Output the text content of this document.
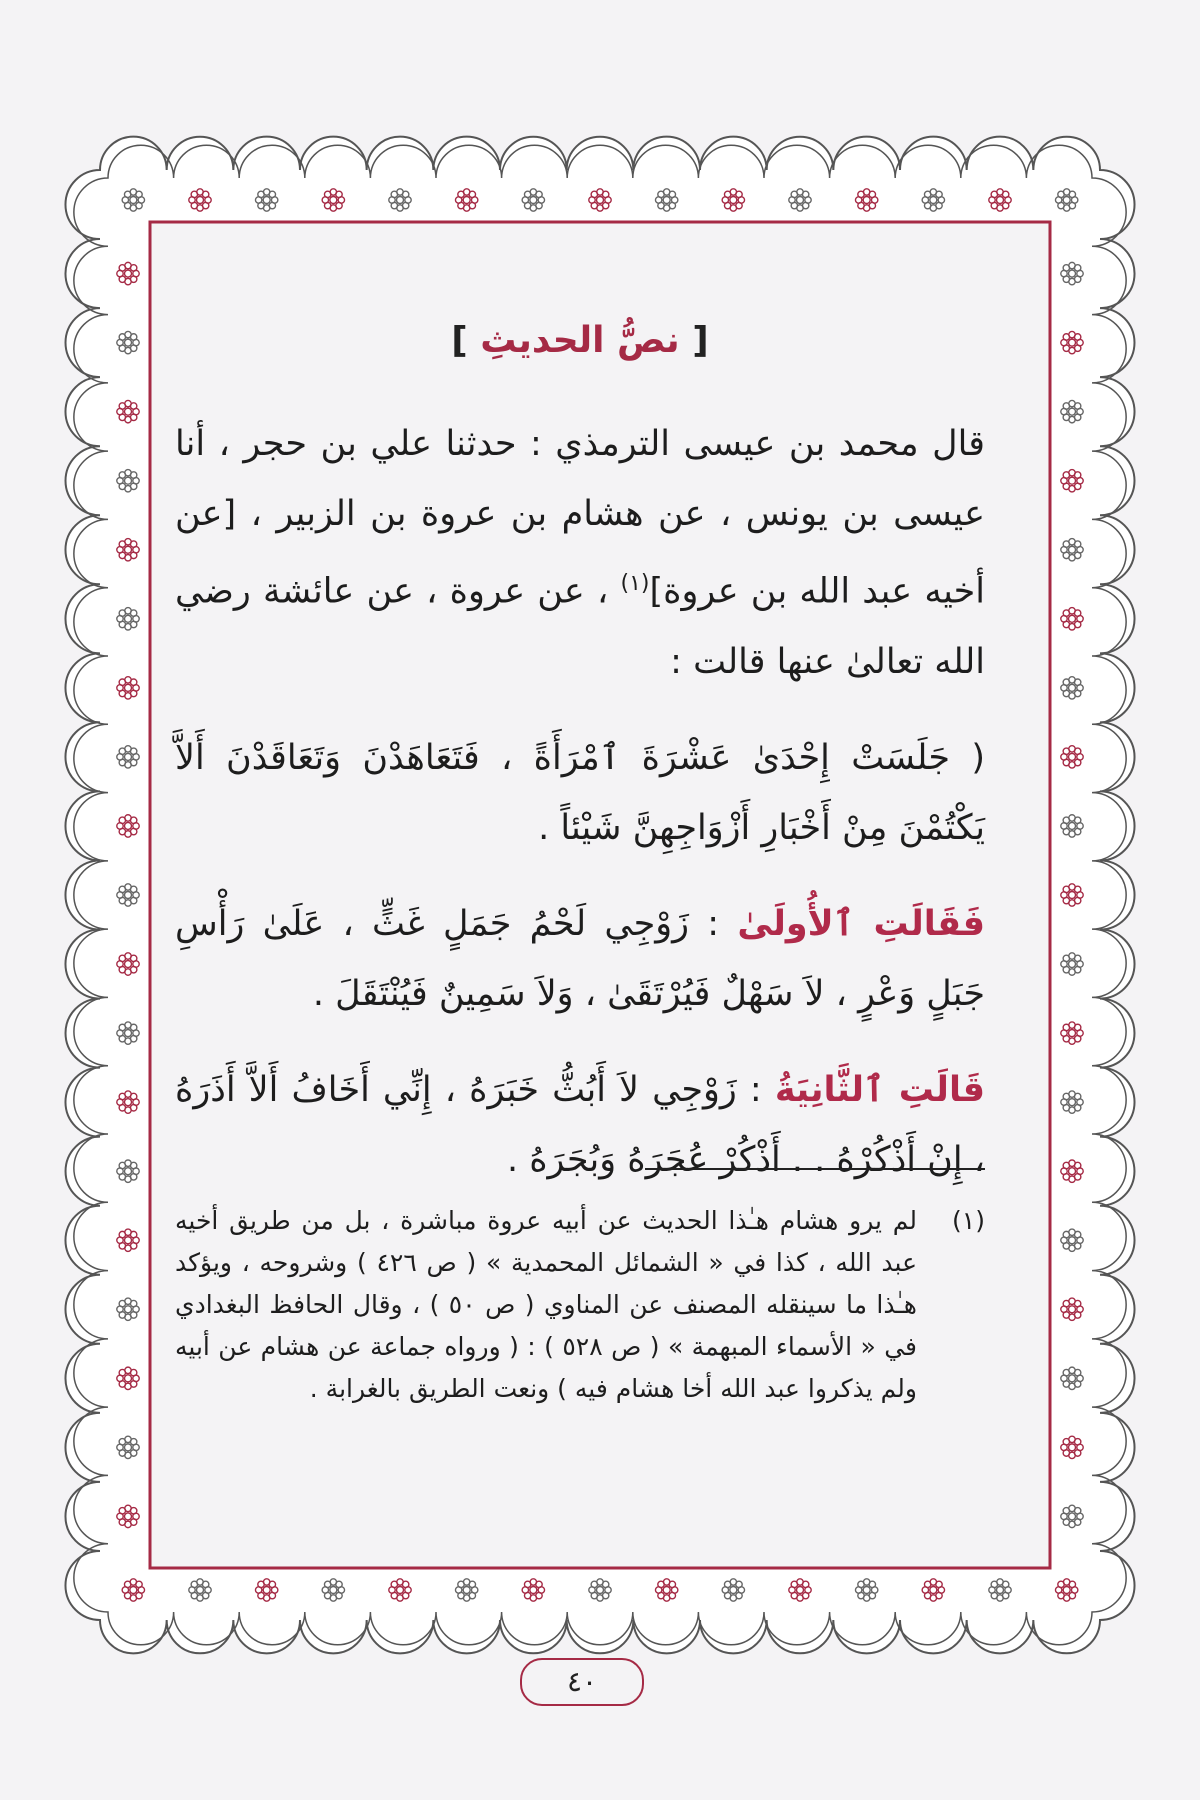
[ نصُّ الحديثِ ]

قال محمد بن عيسى الترمذي : حدثنا علي بن حجر ، أنا عيسى بن يونس ، عن هشام بن عروة بن الزبير ، [عن أخيه عبد الله بن عروة]$^{(١)}$ ، عن عروة ، عن عائشة رضي الله تعالىٰ عنها قالت :

( جَلَسَتْ إِحْدَىٰ عَشْرَةَ ٱمْرَأَةً ، فَتَعَاهَدْنَ وَتَعَاقَدْنَ أَلاَّ يَكْتُمْنَ مِنْ أَخْبَارِ أَزْوَاجِهِنَّ شَيْئاً .

فَقَالَتِ ٱلأُولَىٰ : زَوْجِي لَحْمُ جَمَلٍ غَثٍّ ، عَلَىٰ رَأْسِ جَبَلٍ وَعْرٍ ، لاَ سَهْلٌ فَيُرْتَقَىٰ ، وَلاَ سَمِينٌ فَيُنْتَقَلَ .

قَالَتِ ٱلثَّانِيَةُ : زَوْجِي لاَ أَبُثُّ خَبَرَهُ ، إِنِّي أَخَافُ أَلاَّ أَذَرَهُ ، إِنْ أَذْكُرْهُ . . أَذْكُرْ عُجَرَهُ وَبُجَرَهُ .

(١)
لم يرو هشام هـٰذا الحديث عن أبيه عروة مباشرة ، بل من طريق أخيه عبد الله ، كذا في « الشمائل المحمدية » ( ص ٤٢٦ ) وشروحه ، ويؤكد هـٰذا ما سينقله المصنف عن المناوي ( ص ٥٠ ) ، وقال الحافظ البغدادي في « الأسماء المبهمة » ( ص ٥٢٨ ) : ( ورواه جماعة عن هشام عن أبيه ولم يذكروا عبد الله أخا هشام فيه ) ونعت الطريق بالغرابة .
٤٠
